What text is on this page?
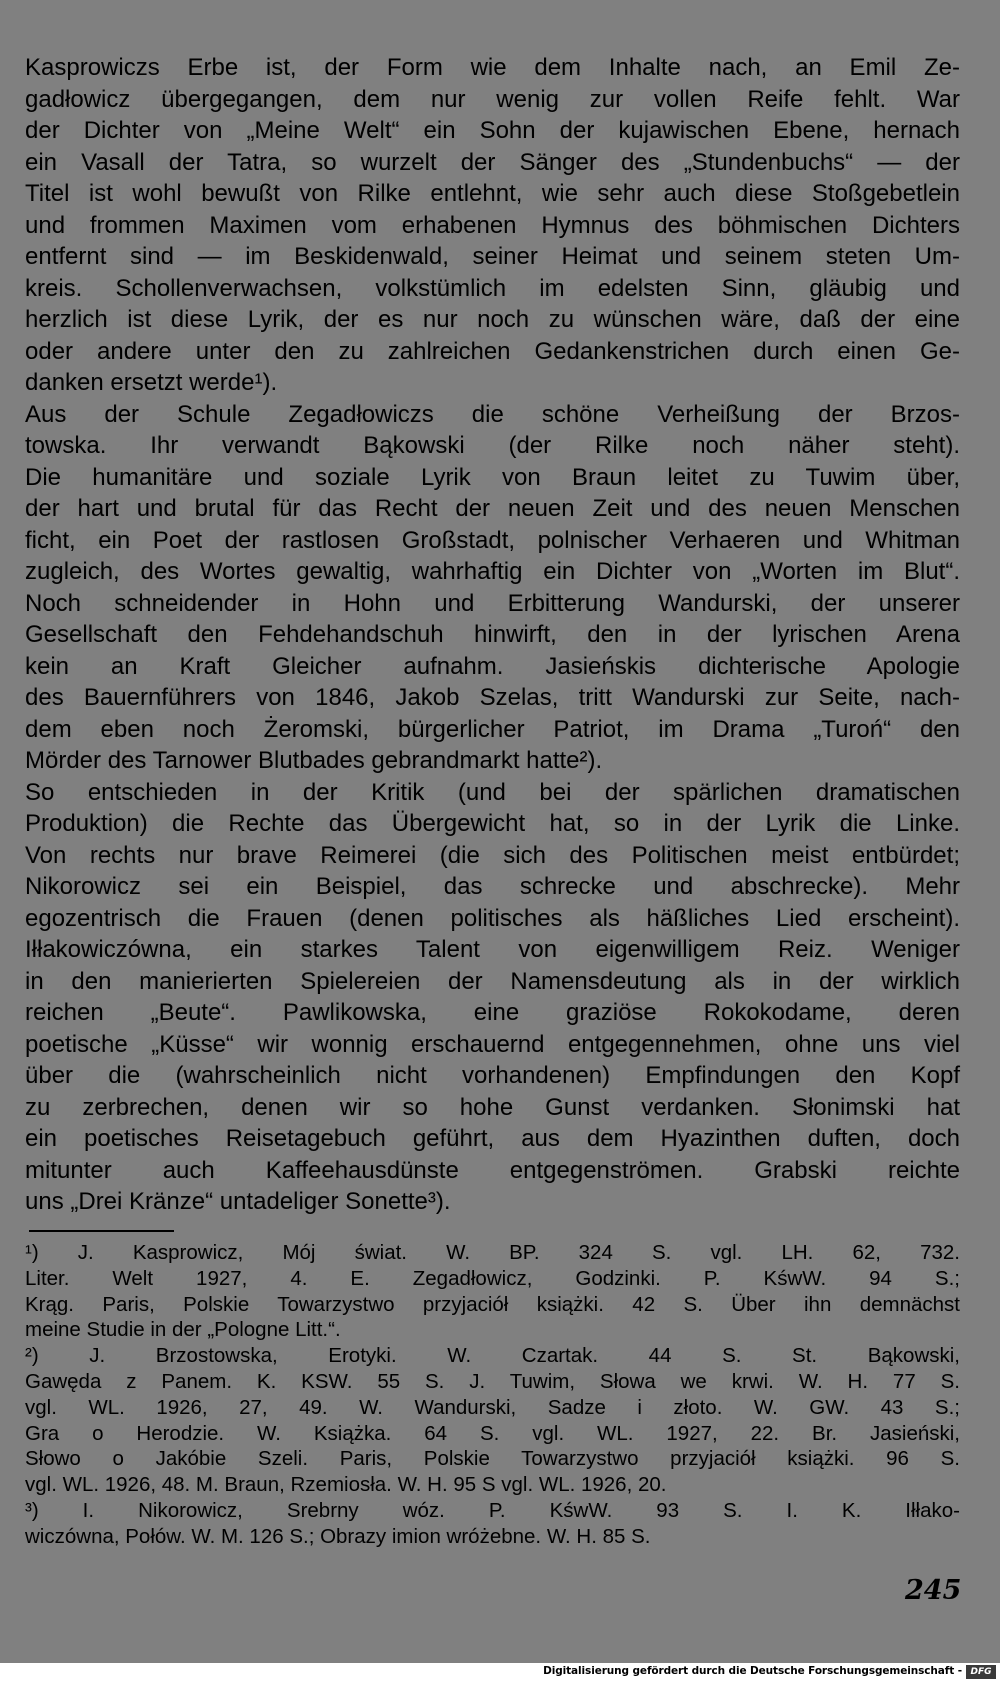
Kasprowiczs Erbe ist, der Form wie dem Inhalte nach, an Emil Ze-
gadłowicz übergegangen, dem nur wenig zur vollen Reife fehlt. War
der Dichter von „Meine Welt“ ein Sohn der kujawischen Ebene, hernach
ein Vasall der Tatra, so wurzelt der Sänger des „Stundenbuchs“ — der
Titel ist wohl bewußt von Rilke entlehnt, wie sehr auch diese Stoßgebetlein
und frommen Maximen vom erhabenen Hymnus des böhmischen Dichters
entfernt sind — im Beskidenwald, seiner Heimat und seinem steten Um-
kreis. Schollenverwachsen, volkstümlich im edelsten Sinn, gläubig und
herzlich ist diese Lyrik, der es nur noch zu wünschen wäre, daß der eine
oder andere unter den zu zahlreichen Gedankenstrichen durch einen Ge-
danken ersetzt werde¹).
Aus der Schule Zegadłowiczs die schöne Verheißung der Brzos-
towska. Ihr verwandt Bąkowski (der Rilke noch näher steht).
Die humanitäre und soziale Lyrik von Braun leitet zu Tuwim über,
der hart und brutal für das Recht der neuen Zeit und des neuen Menschen
ficht, ein Poet der rastlosen Großstadt, polnischer Verhaeren und Whitman
zugleich, des Wortes gewaltig, wahrhaftig ein Dichter von „Worten im Blut“.
Noch schneidender in Hohn und Erbitterung Wandurski, der unserer
Gesellschaft den Fehdehandschuh hinwirft, den in der lyrischen Arena
kein an Kraft Gleicher aufnahm. Jasieńskis dichterische Apologie
des Bauernführers von 1846, Jakob Szelas, tritt Wandurski zur Seite, nach-
dem eben noch Żeromski, bürgerlicher Patriot, im Drama „Turoń“ den
Mörder des Tarnower Blutbades gebrandmarkt hatte²).
So entschieden in der Kritik (und bei der spärlichen dramatischen
Produktion) die Rechte das Übergewicht hat, so in der Lyrik die Linke.
Von rechts nur brave Reimerei (die sich des Politischen meist entbürdet;
Nikorowicz sei ein Beispiel, das schrecke und abschrecke). Mehr
egozentrisch die Frauen (denen politisches als häßliches Lied erscheint).
Iłłakowiczówna, ein starkes Talent von eigenwilligem Reiz. Weniger
in den manierierten Spielereien der Namensdeutung als in der wirklich
reichen „Beute“. Pawlikowska, eine graziöse Rokokodame, deren
poetische „Küsse“ wir wonnig erschauernd entgegennehmen, ohne uns viel
über die (wahrscheinlich nicht vorhandenen) Empfindungen den Kopf
zu zerbrechen, denen wir so hohe Gunst verdanken. Słonimski hat
ein poetisches Reisetagebuch geführt, aus dem Hyazinthen duften, doch
mitunter auch Kaffeehausdünste entgegenströmen. Grabski reichte
uns „Drei Kränze“ untadeliger Sonette³).
¹) J. Kasprowicz, Mój świat. W. BP. 324 S. vgl. LH. 62, 732.
Liter. Welt 1927, 4. E. Zegadłowicz, Godzinki. P. KśwW. 94 S.;
Krąg. Paris, Polskie Towarzystwo przyjaciół książki. 42 S. Über ihn demnächst
meine Studie in der „Pologne Litt.“.
²) J. Brzostowska, Erotyki. W. Czartak. 44 S. St. Bąkowski,
Gawęda z Panem. K. KSW. 55 S. J. Tuwim, Słowa we krwi. W. H. 77 S.
vgl. WL. 1926, 27, 49. W. Wandurski, Sadze i złoto. W. GW. 43 S.;
Gra o Herodzie. W. Książka. 64 S. vgl. WL. 1927, 22. Br. Jasieński,
Słowo o Jakóbie Szeli. Paris, Polskie Towarzystwo przyjaciół książki. 96 S.
vgl. WL. 1926, 48. M. Braun, Rzemiosła. W. H. 95 S vgl. WL. 1926, 20.
³) I. Nikorowicz, Srebrny wóz. P. KśwW. 93 S. I. K. Iłłako-
wiczówna, Połów. W. M. 126 S.; Obrazy imion wróżebne. W. H. 85 S.
245
Digitalisierung gefördert durch die Deutsche Forschungsgemeinschaft - DFG
